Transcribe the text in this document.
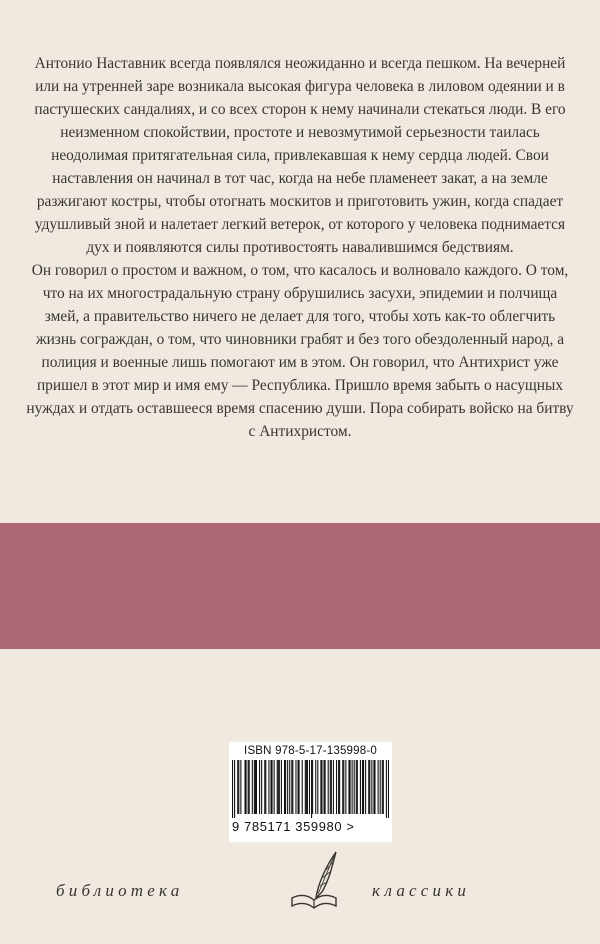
Антонио Наставник всегда появлялся неожиданно и всегда пешком. На вечерней или на утренней заре возникала высокая фигура человека в лиловом одеянии и в пастушеских сандалиях, и со всех сторон к нему начинали стекаться люди. В его неизменном спокойствии, простоте и невозмутимой серьезности таилась неодолимая притягательная сила, привлекавшая к нему сердца людей. Свои наставления он начинал в тот час, когда на небе пламенеет закат, а на земле разжигают костры, чтобы отогнать москитов и приготовить ужин, когда спадает удушливый зной и налетает легкий ветерок, от которого у человека поднимается дух и появляются силы противостоять навалившимся бедствиям.

Он говорил о простом и важном, о том, что касалось и волновало каждого. О том, что на их многострадальную страну обрушились засухи, эпидемии и полчища змей, а правительство ничего не делает для того, чтобы хоть как-то облегчить жизнь сограждан, о том, что чиновники грабят и без того обездоленный народ, а полиция и военные лишь помогают им в этом. Он говорил, что Антихрист уже пришел в этот мир и имя ему — Республика. Пришло время забыть о насущных нуждах и отдать оставшееся время спасению души. Пора собирать войско на битву с Антихристом.

ISBN 978-5-17-135998-0
9 785171 359980 >
библиотека	классики
